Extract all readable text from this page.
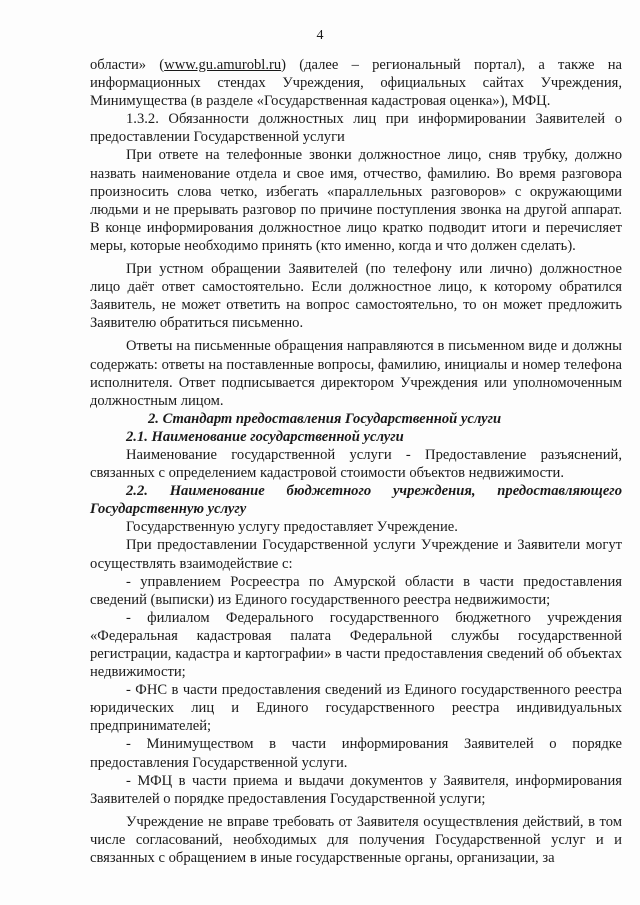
4

области» (www.gu.amurobl.ru) (далее – региональный портал), а также на информационных стендах Учреждения, официальных сайтах Учреждения, Минимущества (в разделе «Государственная кадастровая оценка»), МФЦ.

1.3.2. Обязанности должностных лиц при информировании Заявителей о предоставлении Государственной услуги

При ответе на телефонные звонки должностное лицо, сняв трубку, должно назвать наименование отдела и свое имя, отчество, фамилию. Во время разговора произносить слова четко, избегать «параллельных разговоров» с окружающими людьми и не прерывать разговор по причине поступления звонка на другой аппарат. В конце информирования должностное лицо кратко подводит итоги и перечисляет меры, которые необходимо принять (кто именно, когда и что должен сделать).

При устном обращении Заявителей (по телефону или лично) должностное лицо даёт ответ самостоятельно. Если должностное лицо, к которому обратился Заявитель, не может ответить на вопрос самостоятельно, то он может предложить Заявителю обратиться письменно.

Ответы на письменные обращения направляются в письменном виде и должны содержать: ответы на поставленные вопросы, фамилию, инициалы и номер телефона исполнителя. Ответ подписывается директором Учреждения или уполномоченным должностным лицом.

2. Стандарт предоставления Государственной услуги

2.1. Наименование государственной услуги

Наименование государственной услуги - Предоставление разъяснений, связанных с определением кадастровой стоимости объектов недвижимости.

2.2. Наименование бюджетного учреждения, предоставляющего Государственную услугу

Государственную услугу предоставляет Учреждение.

При предоставлении Государственной услуги Учреждение и Заявители могут осуществлять взаимодействие с:

- управлением Росреестра по Амурской области в части предоставления сведений (выписки) из Единого государственного реестра недвижимости;

- филиалом Федерального государственного бюджетного учреждения «Федеральная кадастровая палата Федеральной службы государственной регистрации, кадастра и картографии» в части предоставления сведений об объектах недвижимости;

- ФНС в части предоставления сведений из Единого государственного реестра юридических лиц и Единого государственного реестра индивидуальных предпринимателей;

- Минимуществом в части информирования Заявителей о порядке предоставления Государственной услуги.

- МФЦ в части приема и выдачи документов у Заявителя, информирования Заявителей о порядке предоставления Государственной услуги;

Учреждение не вправе требовать от Заявителя осуществления действий, в том числе согласований, необходимых для получения Государственной услуг и и связанных с обращением в иные государственные органы, организации, за
